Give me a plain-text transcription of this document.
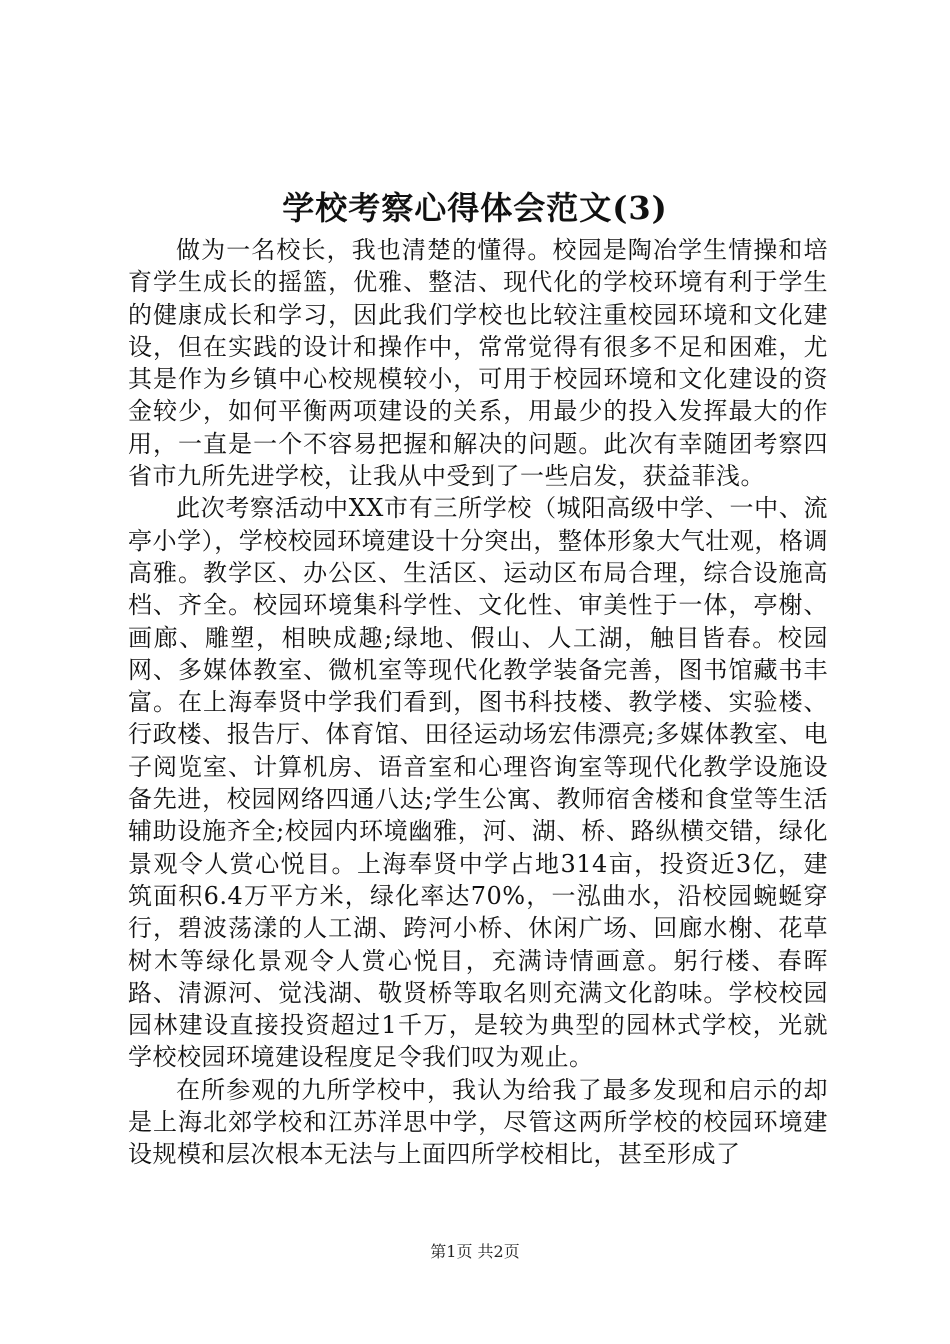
学校考察心得体会范文(3)

做为一名校长，我也清楚的懂得。校园是陶冶学生情操和培育学生成长的摇篮，优雅、整洁、现代化的学校环境有利于学生的健康成长和学习，因此我们学校也比较注重校园环境和文化建设，但在实践的设计和操作中，常常觉得有很多不足和困难，尤其是作为乡镇中心校规模较小，可用于校园环境和文化建设的资金较少，如何平衡两项建设的关系，用最少的投入发挥最大的作用，一直是一个不容易把握和解决的问题。此次有幸随团考察四省市九所先进学校，让我从中受到了一些启发，获益菲浅。

此次考察活动中XX市有三所学校（城阳高级中学、一中、流亭小学），学校校园环境建设十分突出，整体形象大气壮观，格调高雅。教学区、办公区、生活区、运动区布局合理，综合设施高档、齐全。校园环境集科学性、文化性、审美性于一体，亭榭、画廊、雕塑，相映成趣;绿地、假山、人工湖，触目皆春。校园网、多媒体教室、微机室等现代化教学装备完善，图书馆藏书丰富。在上海奉贤中学我们看到，图书科技楼、教学楼、实验楼、行政楼、报告厅、体育馆、田径运动场宏伟漂亮;多媒体教室、电子阅览室、计算机房、语音室和心理咨询室等现代化教学设施设备先进，校园网络四通八达;学生公寓、教师宿舍楼和食堂等生活辅助设施齐全;校园内环境幽雅，河、湖、桥、路纵横交错，绿化景观令人赏心悦目。上海奉贤中学占地314亩，投资近3亿，建筑面积6.4万平方米，绿化率达70%，一泓曲水，沿校园蜿蜒穿行，碧波荡漾的人工湖、跨河小桥、休闲广场、回廊水榭、花草树木等绿化景观令人赏心悦目，充满诗情画意。躬行楼、春晖路、清源河、觉浅湖、敬贤桥等取名则充满文化韵味。学校校园园林建设直接投资超过1千万，是较为典型的园林式学校，光就学校校园环境建设程度足令我们叹为观止。

在所参观的九所学校中，我认为给我了最多发现和启示的却是上海北郊学校和江苏洋思中学，尽管这两所学校的校园环境建设规模和层次根本无法与上面四所学校相比，甚至形成了

第1页 共2页
